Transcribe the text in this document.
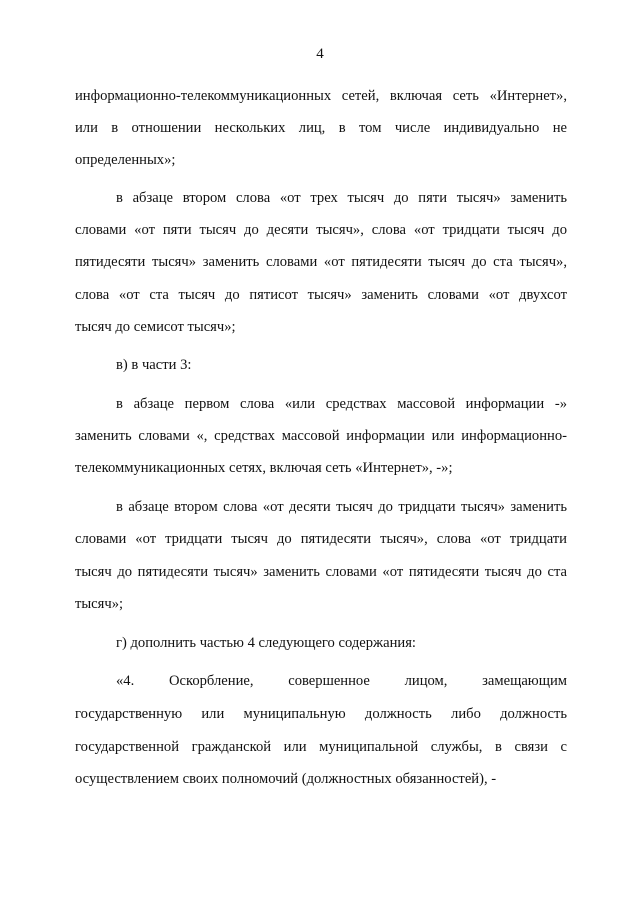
4
информационно-телекоммуникационных сетей, включая сеть «Интернет»,
или в отношении нескольких лиц, в том числе индивидуально не
определенных»;
в абзаце втором слова «от трех тысяч до пяти тысяч» заменить
словами «от пяти тысяч до десяти тысяч», слова «от тридцати тысяч до
пятидесяти тысяч» заменить словами «от пятидесяти тысяч до ста тысяч»,
слова «от ста тысяч до пятисот тысяч» заменить словами «от двухсот
тысяч до семисот тысяч»;
в) в части 3:
в абзаце первом слова «или средствах массовой информации -»
заменить словами «, средствах массовой информации или информационно-
телекоммуникационных сетях, включая сеть «Интернет», -»;
в абзаце втором слова «от десяти тысяч до тридцати тысяч» заменить
словами «от тридцати тысяч до пятидесяти тысяч», слова «от тридцати
тысяч до пятидесяти тысяч» заменить словами «от пятидесяти тысяч до ста
тысяч»;
г) дополнить частью 4 следующего содержания:
«4. Оскорбление, совершенное лицом, замещающим
государственную или муниципальную должность либо должность
государственной гражданской или муниципальной службы, в связи с
осуществлением своих полномочий (должностных обязанностей), -
